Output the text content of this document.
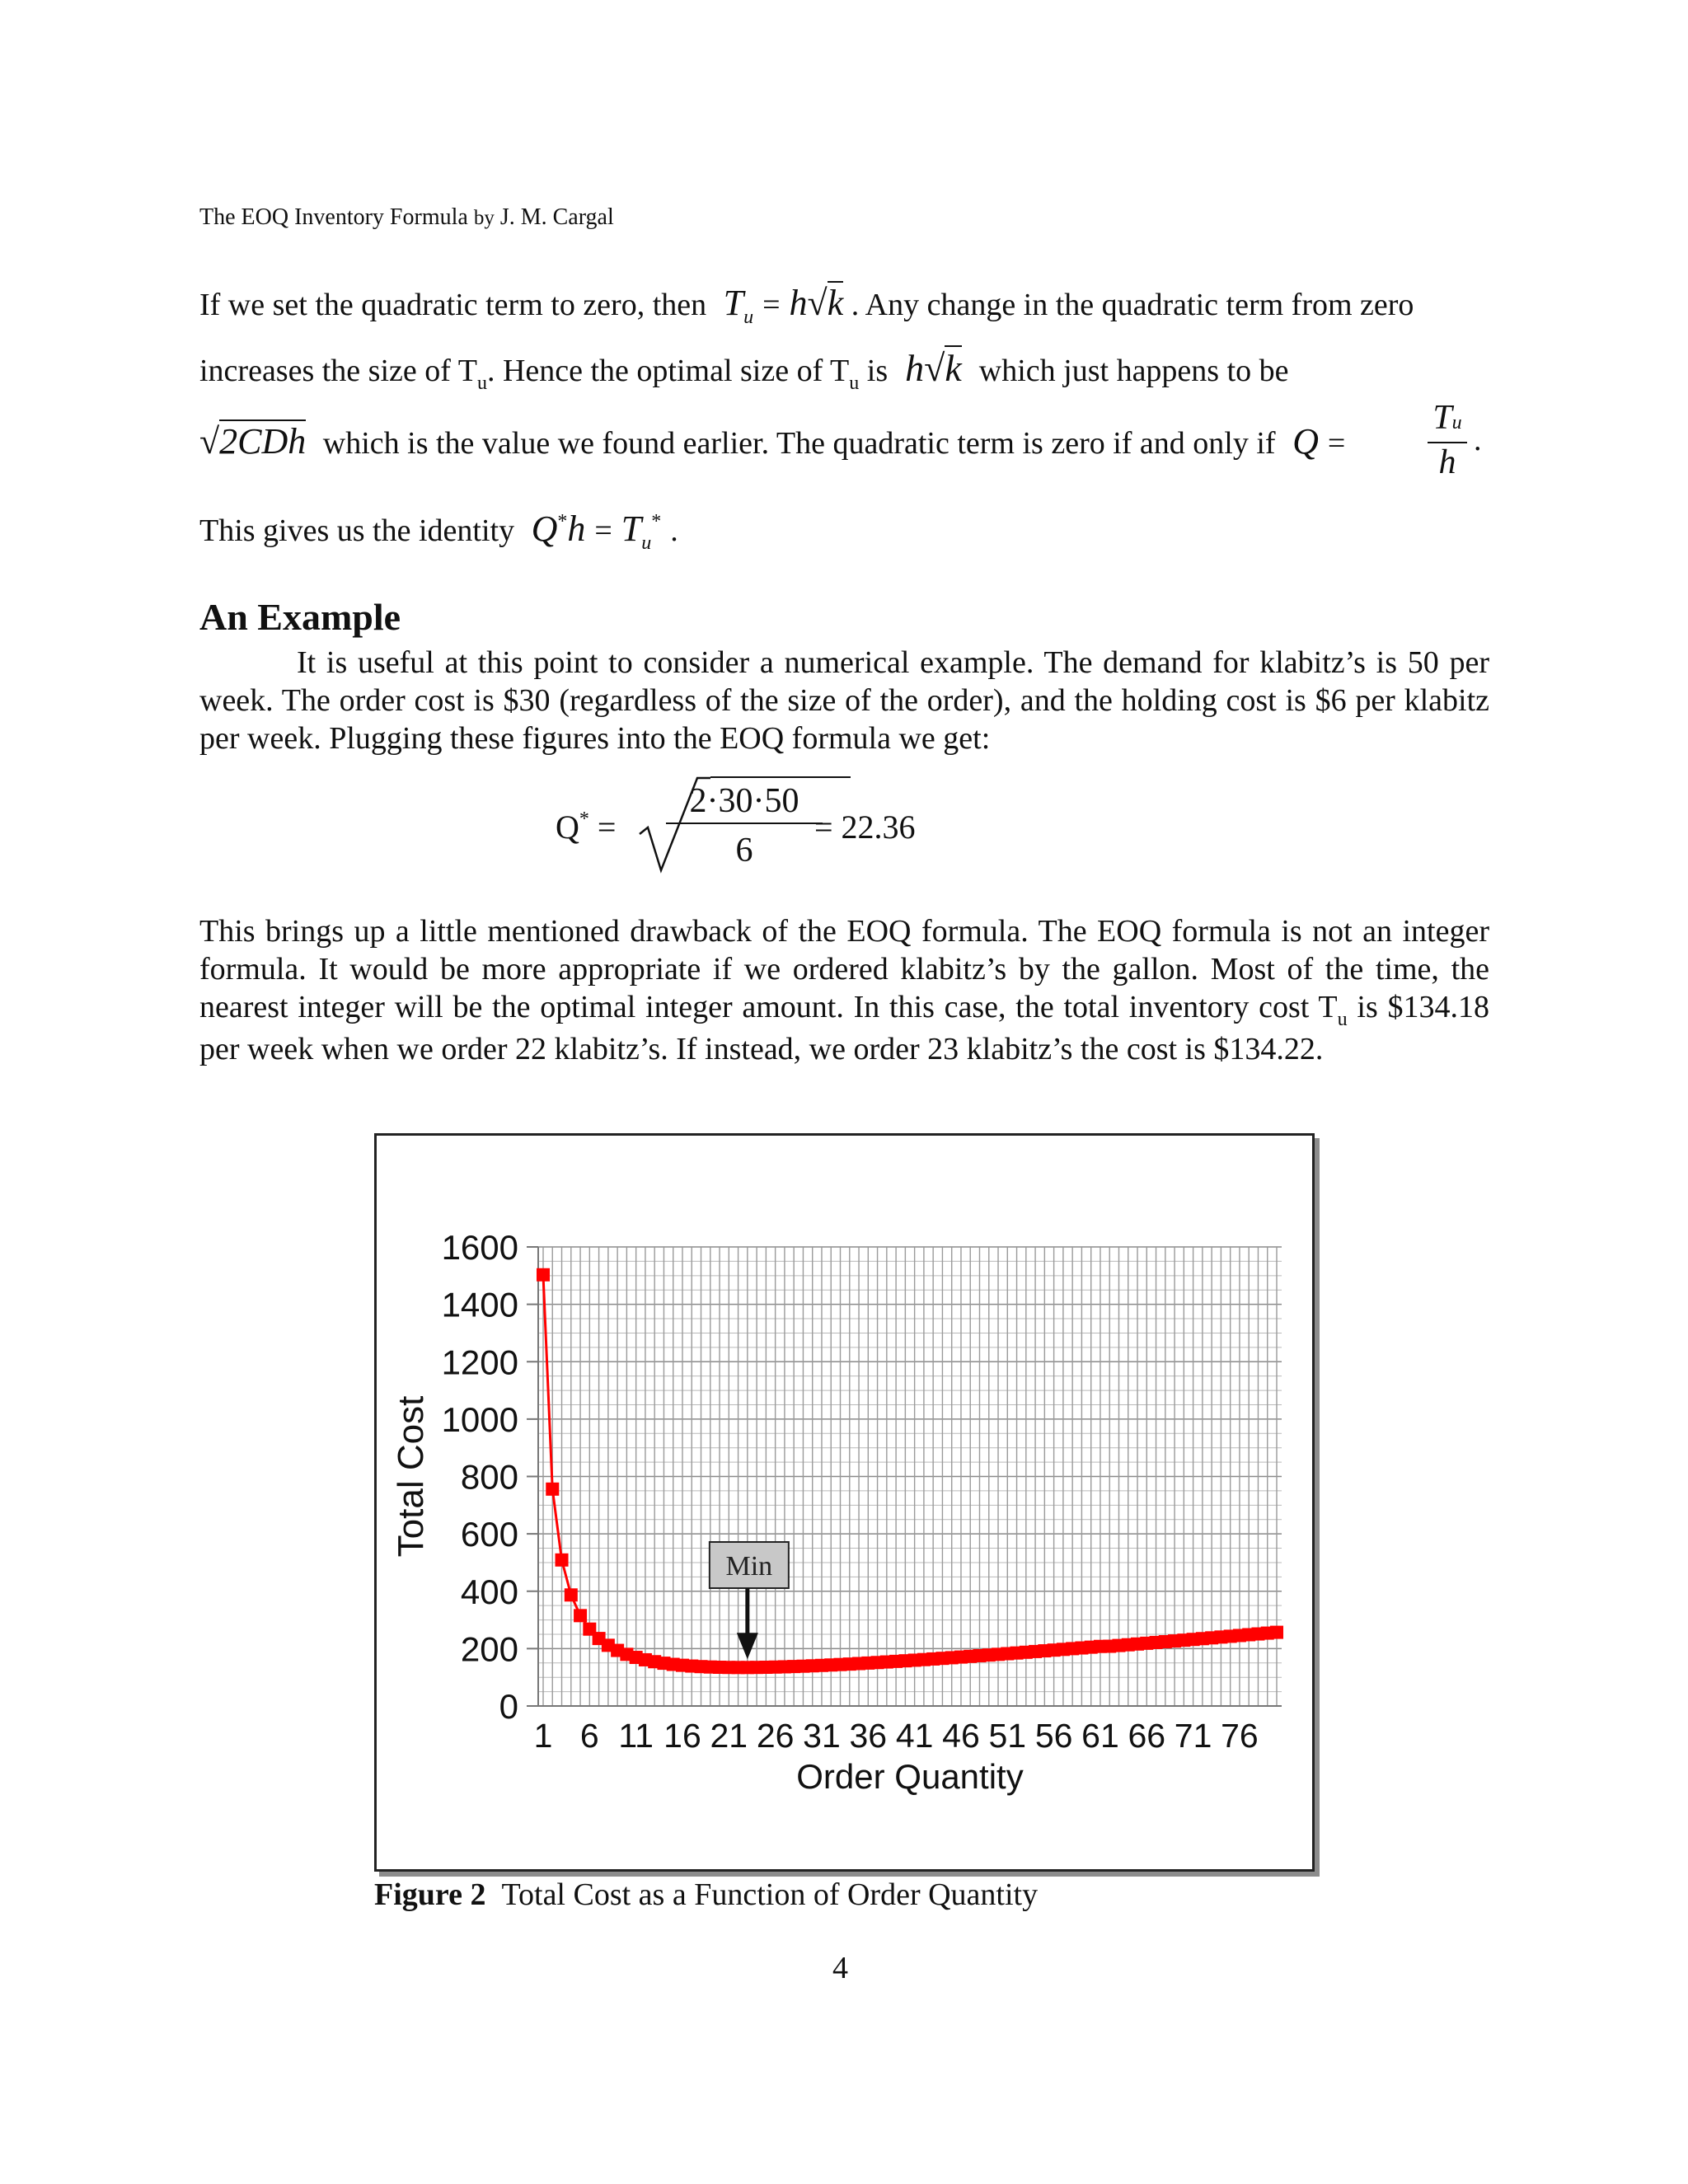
The EOQ Inventory Formula by J. M. Cargal
If we set the quadratic term to zero, then  $T_u = h√k$ . Any change in the quadratic term from zero
increases the size of $T_u$. Hence the optimal size of $T_u$ is  h√k which just happens to be
√2CDh which is the value we found earlier. The quadratic term is zero if and only if  Q =
Tu
h
.
This gives us the identity  $Q^*h = T_u^*$ .
An Example
It is useful at this point to consider a numerical example. The demand for klabitz’s is 50 per week. The order cost is $30 (regardless of the size of the order), and the holding cost is $6 per klabitz per week. Plugging these figures into the EOQ formula we get:
Q* =
2·30·50
6
= 22.36
This brings up a little mentioned drawback of the EOQ formula. The EOQ formula is not an integer formula. It would be more appropriate if we ordered klabitz’s by the gallon. Most of the time, the nearest integer will be the optimal integer amount. In this case, the total inventory cost $T_u$ is $134.18 per week when we order 22 klabitz’s. If instead, we order 23 klabitz’s the cost is $134.22.
0
200
400
600
800
1000
1200
1400
1600
1 6 11 16 21 26 31 36 41 46 51 56 61 66 71 76
Order Quantity
Total Cost
Min
Figure 2 Total Cost as a Function of Order Quantity
4
